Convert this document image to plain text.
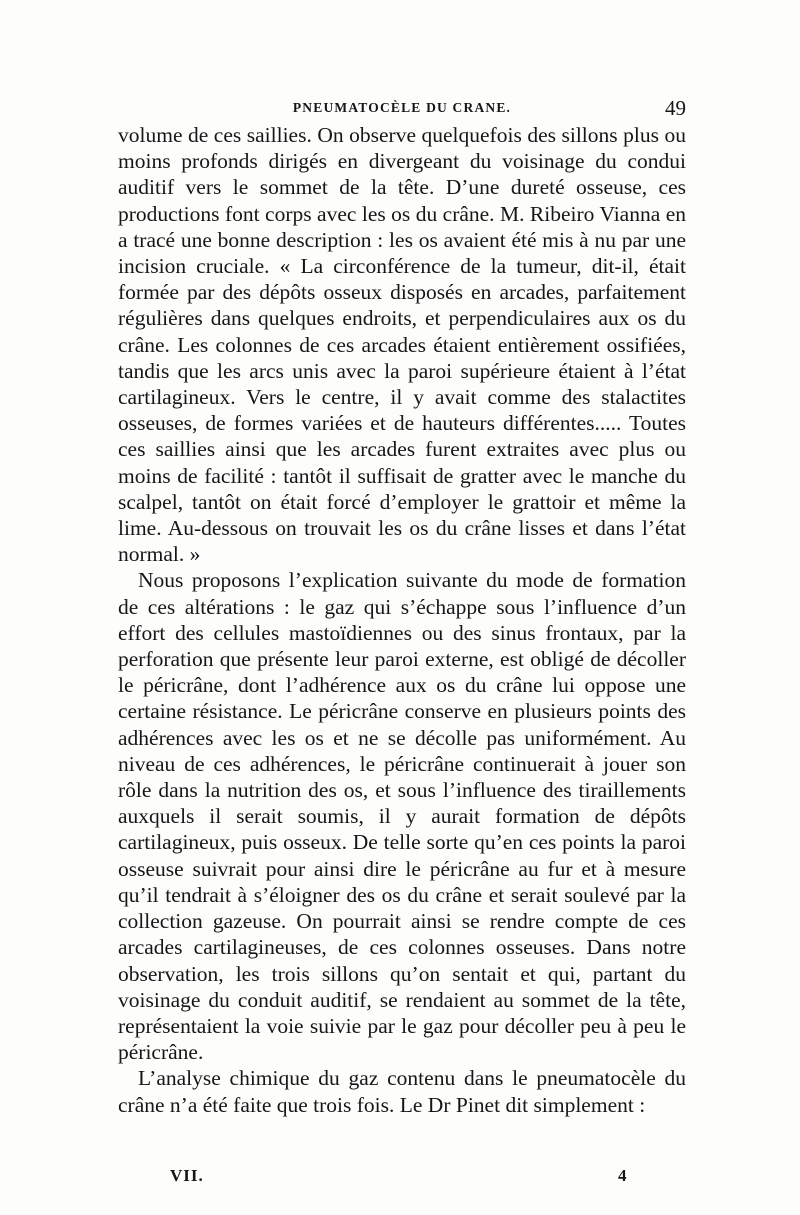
PNEUMATOCÈLE DU CRANE.	49

volume de ces saillies. On observe quelquefois des sillons plus ou moins profonds dirigés en divergeant du voisinage du condui auditif vers le sommet de la tête. D’une dureté osseuse, ces productions font corps avec les os du crâne. M. Ribeiro Vianna en a tracé une bonne description : les os avaient été mis à nu par une incision cruciale. « La circonférence de la tumeur, dit-il, était formée par des dépôts osseux disposés en arcades, parfaitement régulières dans quelques endroits, et perpendiculaires aux os du crâne. Les colonnes de ces arcades étaient entièrement ossifiées, tandis que les arcs unis avec la paroi supérieure étaient à l’état cartilagineux. Vers le centre, il y avait comme des stalactites osseuses, de formes variées et de hauteurs différentes..... Toutes ces saillies ainsi que les arcades furent extraites avec plus ou moins de facilité : tantôt il suffisait de gratter avec le manche du scalpel, tantôt on était forcé d’employer le grattoir et même la lime. Au-dessous on trouvait les os du crâne lisses et dans l’état normal. »

Nous proposons l’explication suivante du mode de formation de ces altérations : le gaz qui s’échappe sous l’influence d’un effort des cellules mastoïdiennes ou des sinus frontaux, par la perforation que présente leur paroi externe, est obligé de décoller le péricrâne, dont l’adhérence aux os du crâne lui oppose une certaine résistance. Le péricrâne conserve en plusieurs points des adhérences avec les os et ne se décolle pas uniformément. Au niveau de ces adhérences, le péricrâne continuerait à jouer son rôle dans la nutrition des os, et sous l’influence des tiraillements auxquels il serait soumis, il y aurait formation de dépôts cartilagineux, puis osseux. De telle sorte qu’en ces points la paroi osseuse suivrait pour ainsi dire le péricrâne au fur et à mesure qu’il tendrait à s’éloigner des os du crâne et serait soulevé par la collection gazeuse. On pourrait ainsi se rendre compte de ces arcades cartilagineuses, de ces colonnes osseuses. Dans notre observation, les trois sillons qu’on sentait et qui, partant du voisinage du conduit auditif, se rendaient au sommet de la tête, représentaient la voie suivie par le gaz pour décoller peu à peu le péricrâne.

L’analyse chimique du gaz contenu dans le pneumatocèle du crâne n’a été faite que trois fois. Le Dr Pinet dit simplement :

VII.	4
